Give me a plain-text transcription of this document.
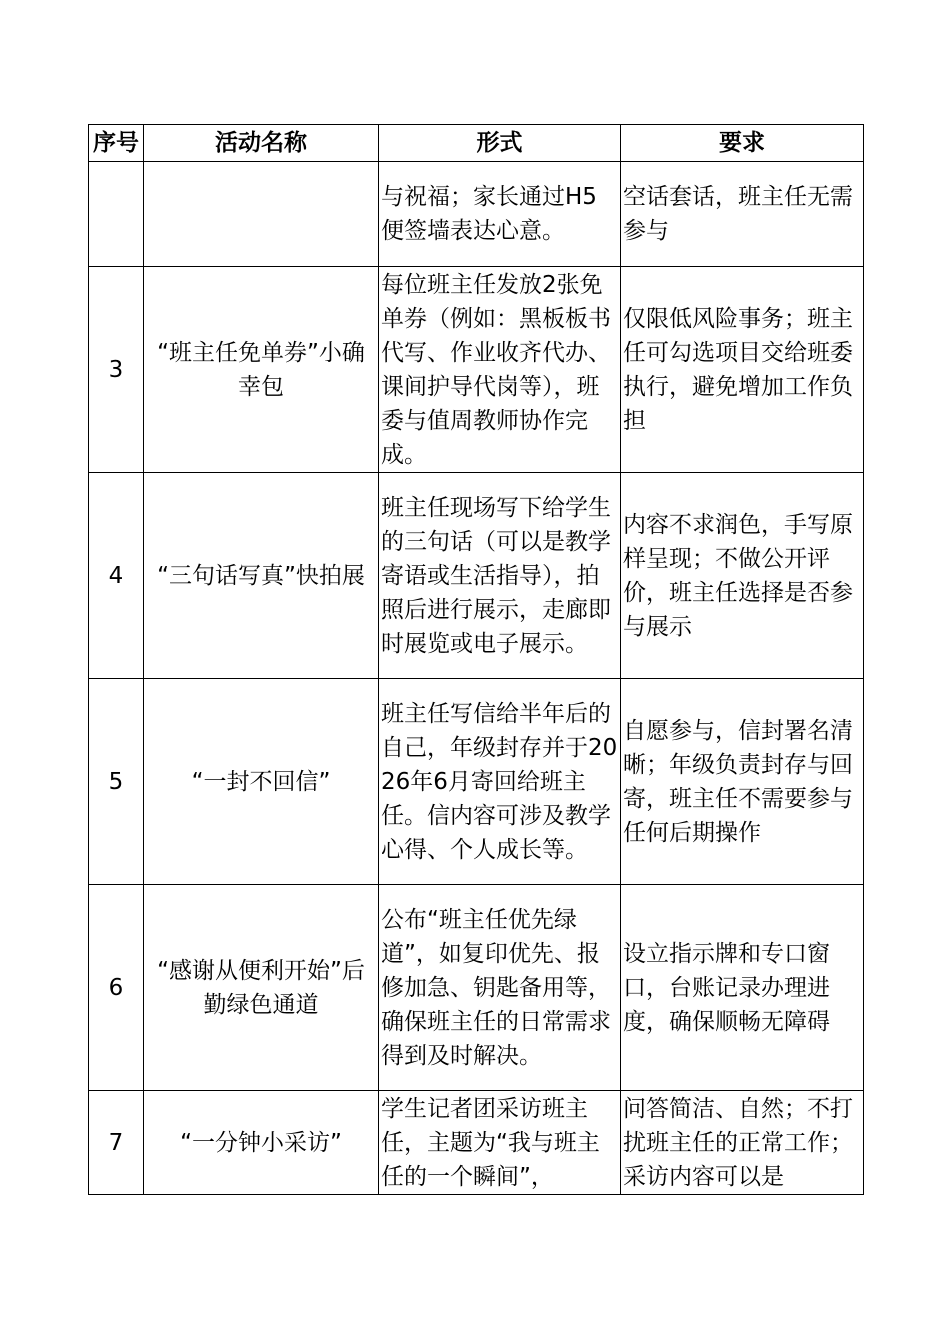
序号	活动名称	形式	要求
		与祝福；家长通过H5便签墙表达心意。	空话套话，班主任无需参与
3	“班主任免单券”小确幸包	每位班主任发放2张免单券（例如：黑板板书代写、作业收齐代办、课间护导代岗等），班委与值周教师协作完成。	仅限低风险事务；班主任可勾选项目交给班委执行，避免增加工作负担
4	“三句话写真”快拍展	班主任现场写下给学生的三句话（可以是教学寄语或生活指导），拍照后进行展示，走廊即时展览或电子展示。	内容不求润色，手写原样呈现；不做公开评价，班主任选择是否参与展示
5	“一封不回信”	班主任写信给半年后的自己，年级封存并于2026年6月寄回给班主任。信内容可涉及教学心得、个人成长等。	自愿参与，信封署名清晰；年级负责封存与回寄，班主任不需要参与任何后期操作
6	“感谢从便利开始”后勤绿色通道	公布“班主任优先绿道”，如复印优先、报修加急、钥匙备用等，确保班主任的日常需求得到及时解决。	设立指示牌和专口窗口，台账记录办理进度，确保顺畅无障碍
7	“一分钟小采访”	学生记者团采访班主任，主题为“我与班主任的一个瞬间”，	问答简洁、自然；不打扰班主任的正常工作；采访内容可以是
